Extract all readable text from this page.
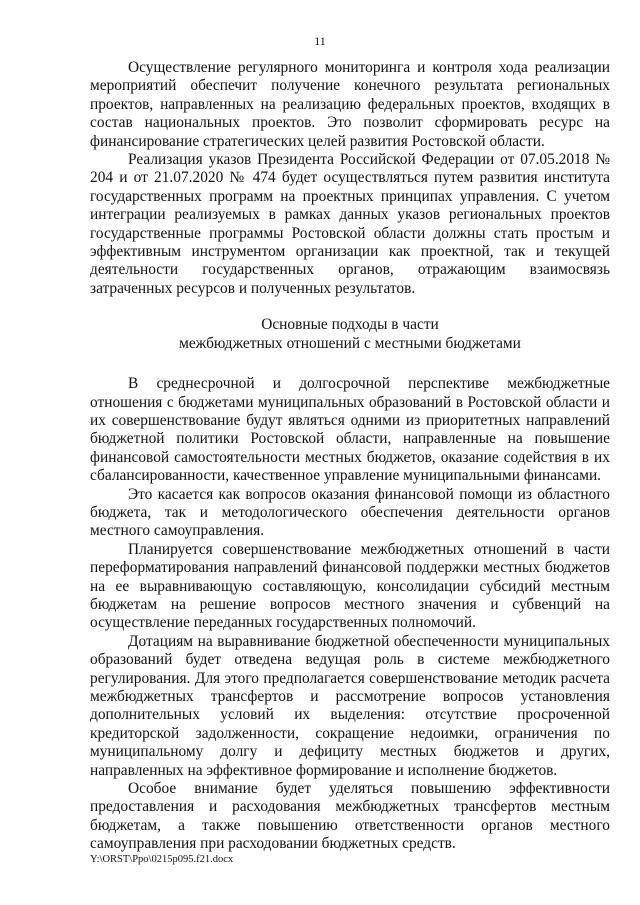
11

Осуществление регулярного мониторинга и контроля хода реализации мероприятий обеспечит получение конечного результата региональных проектов, направленных на реализацию федеральных проектов, входящих в состав национальных проектов. Это позволит сформировать ресурс на финансирование стратегических целей развития Ростовской области.

Реализация указов Президента Российской Федерации от 07.05.2018 № 204 и от 21.07.2020 № 474 будет осуществляться путем развития института государственных программ на проектных принципах управления. С учетом интеграции реализуемых в рамках данных указов региональных проектов государственные программы Ростовской области должны стать простым и эффективным инструментом организации как проектной, так и текущей деятельности государственных органов, отражающим взаимосвязь затраченных ресурсов и полученных результатов.

Основные подходы в части

межбюджетных отношений с местными бюджетами

В среднесрочной и долгосрочной перспективе межбюджетные отношения с бюджетами муниципальных образований в Ростовской области и их совершенствование будут являться одними из приоритетных направлений бюджетной политики Ростовской области, направленные на повышение финансовой самостоятельности местных бюджетов, оказание содействия в их сбалансированности, качественное управление муниципальными финансами.

Это касается как вопросов оказания финансовой помощи из областного бюджета, так и методологического обеспечения деятельности органов местного самоуправления.

Планируется совершенствование межбюджетных отношений в части переформатирования направлений финансовой поддержки местных бюджетов на ее выравнивающую составляющую, консолидации субсидий местным бюджетам на решение вопросов местного значения и субвенций на осуществление переданных государственных полномочий.

Дотациям на выравнивание бюджетной обеспеченности муниципальных образований будет отведена ведущая роль в системе межбюджетного регулирования. Для этого предполагается совершенствование методик расчета межбюджетных трансфертов и рассмотрение вопросов установления дополнительных условий их выделения: отсутствие просроченной кредиторской задолженности, сокращение недоимки, ограничения по муниципальному долгу и дефициту местных бюджетов и других, направленных на эффективное формирование и исполнение бюджетов.

Особое внимание будет уделяться повышению эффективности предоставления и расходования межбюджетных трансфертов местным бюджетам, а также повышению ответственности органов местного самоуправления при расходовании бюджетных средств.

Y:\ORST\Ppo\0215p095.f21.docx
